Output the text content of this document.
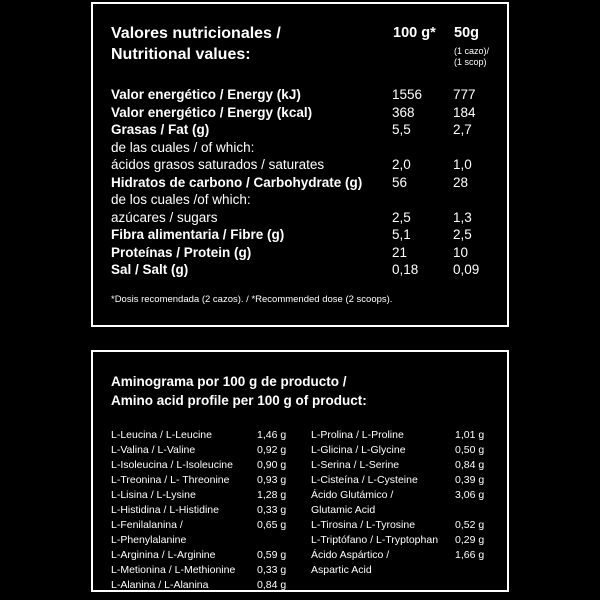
Valores nutricionales /
Nutritional values:
100 g* 50g
(1 cazo)/
(1 scop)
Valor energético / Energy (kJ)	1556 777
Valor energético / Energy (kcal)	368	184
Grasas / Fat (g)	5,5	2,7
de las cuales / of which:
ácidos grasos saturados / saturates	2,0	1,0
Hidratos de carbono / Carbohydrate (g) 56	28
de los cuales /of which:
azúcares / sugars	2,5	1,3
Fibra alimentaria / Fibre (g)	5,1	2,5
Proteínas / Protein (g)	21	10
Sal / Salt (g)	0,18	0,09
*Dosis recomendada (2 cazos). / *Recommended dose (2 scoops).
Aminograma por 100 g de producto /
Amino acid profile per 100 g of product:
L-Leucina / L-Leucine	1,46 g
L-Valina / L-Valine	0,92 g
L-Isoleucina / L-Isoleucine 0,90 g
L-Treonina / L- Threonine	0,93 g
L-Lisina / L-Lysine	1,28 g
L-Histidina / L-Histidine	0,33 g
L-Fenilalanina /	0,65 g
L-Phenylalanine
L-Arginina / L-Arginine	0,59 g
L-Metionina / L-Methionine 0,33 g
L-Alanina / L-Alanina	0,84 g
L-Prolina / L-Proline	1,01 g
L-Glicina / L-Glycine	0,50 g
L-Serina / L-Serine	0,84 g
L-Cisteína / L-Cysteine	0,39 g
Ácido Glutámico /	3,06 g
Glutamic Acid
L-Tirosina / L-Tyrosine	0,52 g
L-Triptófano / L-Tryptophan 0,29 g
Ácido Aspártico /	1,66 g
Aspartic Acid
